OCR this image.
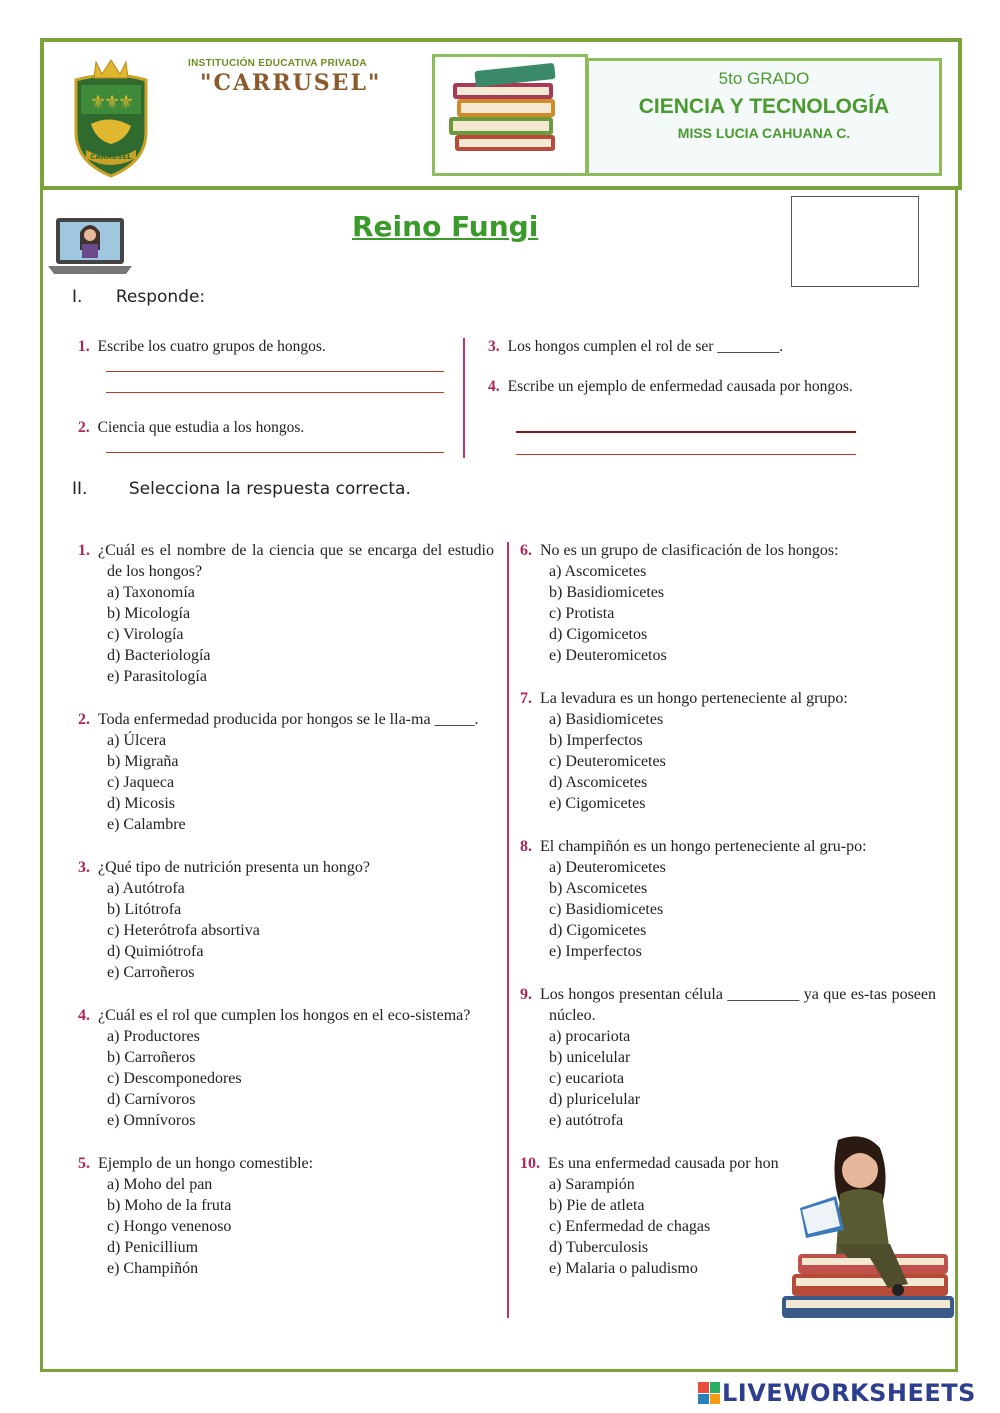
⚜
⚜
⚜
CARRUSEL
INSTITUCIÓN EDUCATIVA PRIVADA
"CARRUSEL"	5to GRADO
CIENCIA Y TECNOLOGÍA
MISS LUCIA CAHUANA C.
Reino Fungi
I. Responde:
1. Escribe los cuatro grupos de hongos.
2. Ciencia que estudia a los hongos.
3. Los hongos cumplen el rol de ser ________.
4. Escribe un ejemplo de enfermedad causada por hongos.
II. Selecciona la respuesta correcta.
1. ¿Cuál es el nombre de la ciencia que se encarga del estudio de los hongos?
a) Taxonomía
b) Micología
c) Virología
d) Bacteriología
e) Parasitología
2. Toda enfermedad producida por hongos se le lla-ma _____.
a) Úlcera
b) Migraña
c) Jaqueca
d) Micosis
e) Calambre
3. ¿Qué tipo de nutrición presenta un hongo?
a) Autótrofa
b) Litótrofa
c) Heterótrofa absortiva
d) Quimiótrofa
e) Carroñeros
4. ¿Cuál es el rol que cumplen los hongos en el eco-sistema?
a) Productores
b) Carroñeros
c) Descomponedores
d) Carnívoros
e) Omnívoros
5. Ejemplo de un hongo comestible:
a) Moho del pan
b) Moho de la fruta
c) Hongo venenoso
d) Penicillium
e) Champiñón
6. No es un grupo de clasificación de los hongos:
a) Ascomicetes
b) Basidiomicetes
c) Protista
d) Cigomicetos
e) Deuteromicetos
7. La levadura es un hongo perteneciente al grupo:
a) Basidiomicetes
b) Imperfectos
c) Deuteromicetes
d) Ascomicetes
e) Cigomicetes
8. El champiñón es un hongo perteneciente al gru-po:
a) Deuteromicetes
b) Ascomicetes
c) Basidiomicetes
d) Cigomicetes
e) Imperfectos
9. Los hongos presentan célula _________ ya que es-tas poseen núcleo.
a) procariota
b) unicelular
c) eucariota
d) pluricelular
e) autótrofa
10. Es una enfermedad causada por hon
a) Sarampión
b) Pie de atleta
c) Enfermedad de chagas
d) Tuberculosis
e) Malaria o paludismo
LIVEWORKSHEETS
